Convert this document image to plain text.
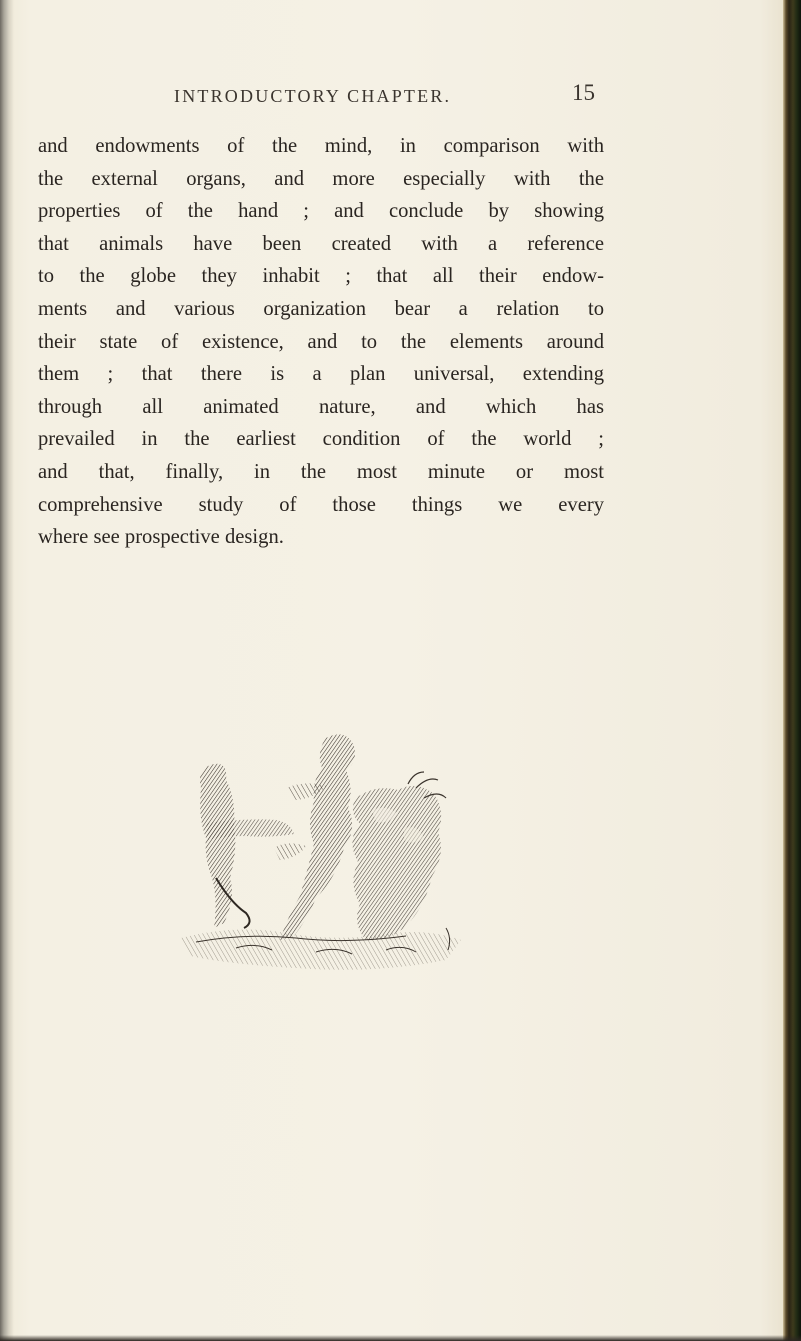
INTRODUCTORY CHAPTER.	15
and endowments of the mind, in comparison with
the external organs, and more especially with the
properties of the hand ; and conclude by showing
that animals have been created with a reference
to the globe they inhabit ; that all their endow-
ments and various organization bear a relation to
their state of existence, and to the elements around
them ; that there is a plan universal, extending
through all animated nature, and which has
prevailed in the earliest condition of the world ;
and that, finally, in the most minute or most
comprehensive study of those things we every
where see prospective design.
